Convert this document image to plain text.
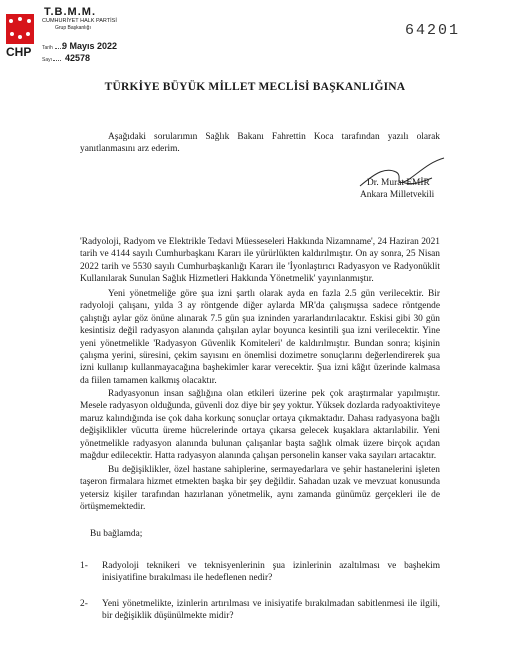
T.B.M.M.
CUMHURİYET HALK PARTİSİ
Grup Başkanlığı
CHP Tarih 9 Mayıs 2022
Sayı 42578
64201
TÜRKİYE BÜYÜK MİLLET MECLİSİ BAŞKANLIĞINA
Aşağıdaki sorularımın Sağlık Bakanı Fahrettin Koca tarafından yazılı olarak yanıtlanmasını arz ederim.
Dr. Murat EMİR
Ankara Milletvekili
'Radyoloji, Radyom ve Elektrikle Tedavi Müesseseleri Hakkında Nizamname', 24 Haziran 2021 tarih ve 4144 sayılı Cumhurbaşkanı Kararı ile yürürlükten kaldırılmıştır. On ay sonra, 25 Nisan 2022 tarih ve 5530 sayılı Cumhurbaşkanlığı Kararı ile 'İyonlaştırıcı Radyasyon ve Radyonüklit Kullanılarak Sunulan Sağlık Hizmetleri Hakkında Yönetmelik' yayınlanmıştır.
Yeni yönetmeliğe göre şua izni şartlı olarak ayda en fazla 2.5 gün verilecektir. Bir radyoloji çalışanı, yılda 3 ay röntgende diğer aylarda MR'da çalışmışsa sadece röntgende çalıştığı aylar göz önüne alınarak 7.5 gün şua izninden yararlandırılacaktır. Eskisi gibi 30 gün kesintisiz değil radyasyon alanında çalışılan aylar boyunca kesintili şua izni verilecektir. Yine yeni yönetmelikle 'Radyasyon Güvenlik Komiteleri' de kaldırılmıştır. Bundan sonra; kişinin çalışma yerini, süresini, çekim sayısını en önemlisi dozimetre sonuçlarını değerlendirerek şua izni kullanıp kullanmayacağına başhekimler karar verecektir. Şua izni kâğıt üzerinde kalmasa da fiilen tamamen kalkmış olacaktır.
Radyasyonun insan sağlığına olan etkileri üzerine pek çok araştırmalar yapılmıştır. Mesele radyasyon olduğunda, güvenli doz diye bir şey yoktur. Yüksek dozlarda radyoaktiviteye maruz kalındığında ise çok daha korkunç sonuçlar ortaya çıkmaktadır. Dahası radyasyona bağlı değişiklikler vücutta üreme hücrelerinde ortaya çıkarsa gelecek kuşaklara aktarılabilir. Yeni yönetmelikle radyasyon alanında bulunan çalışanlar başta sağlık olmak üzere birçok açıdan mağdur edilecektir. Hatta radyasyon alanında çalışan personelin kanser vaka sayıları artacaktır.
Bu değişiklikler, özel hastane sahiplerine, sermayedarlara ve şehir hastanelerini işleten taşeron firmalara hizmet etmekten başka bir şey değildir. Sahadan uzak ve mevzuat konusunda yetersiz kişiler tarafından hazırlanan yönetmelik, aynı zamanda günümüz gerçekleri ile de örtüşmemektedir.
Bu bağlamda;
1- Radyoloji teknikeri ve teknisyenlerinin şua izinlerinin azaltılması ve başhekim inisiyatifine bırakılması ile hedeflenen nedir?
2- Yeni yönetmelikte, izinlerin artırılması ve inisiyatife bırakılmadan sabitlenmesi ile ilgili, bir değişiklik düşünülmekte midir?
